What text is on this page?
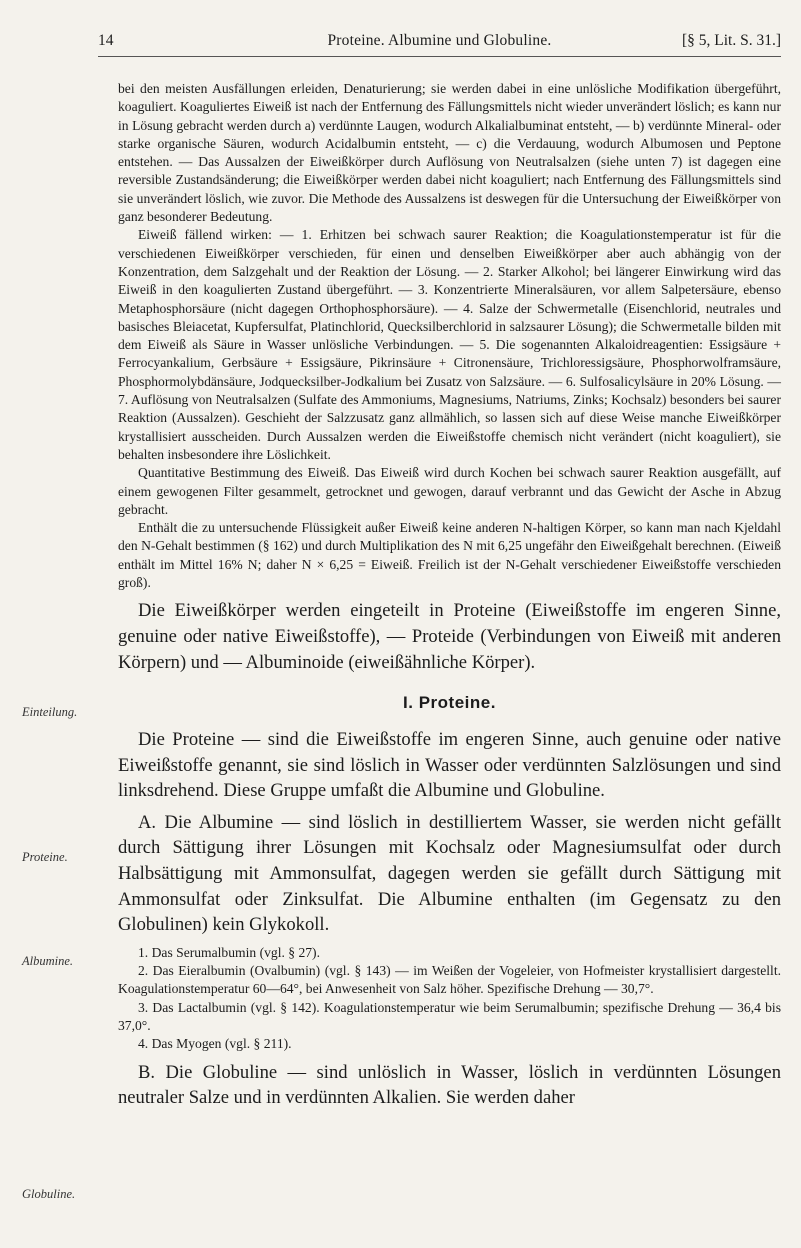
14	Proteine. Albumine und Globuline.	[§ 5, Lit. S. 31.]
Einteilung.
Proteine.
Albumine.
Globuline.

bei den meisten Ausfällungen erleiden, Denaturierung; sie werden dabei in eine unlösliche Modifikation übergeführt, koaguliert. Koaguliertes Eiweiß ist nach der Entfernung des Fällungsmittels nicht wieder unverändert löslich; es kann nur in Lösung gebracht werden durch a) verdünnte Laugen, wodurch Alkalialbuminat entsteht, — b) verdünnte Mineral- oder starke organische Säuren, wodurch Acidalbumin entsteht, — c) die Verdauung, wodurch Albumosen und Peptone entstehen. — Das Aussalzen der Eiweißkörper durch Auflösung von Neutralsalzen (siehe unten 7) ist dagegen eine reversible Zustandsänderung; die Eiweißkörper werden dabei nicht koaguliert; nach Entfernung des Fällungsmittels sind sie unverändert löslich, wie zuvor. Die Methode des Aussalzens ist deswegen für die Untersuchung der Eiweißkörper von ganz besonderer Bedeutung.

Eiweiß fällend wirken: — 1. Erhitzen bei schwach saurer Reaktion; die Koagulationstemperatur ist für die verschiedenen Eiweißkörper verschieden, für einen und denselben Eiweißkörper aber auch abhängig von der Konzentration, dem Salzgehalt und der Reaktion der Lösung. — 2. Starker Alkohol; bei längerer Einwirkung wird das Eiweiß in den koagulierten Zustand übergeführt. — 3. Konzentrierte Mineralsäuren, vor allem Salpetersäure, ebenso Metaphosphorsäure (nicht dagegen Orthophosphorsäure). — 4. Salze der Schwermetalle (Eisenchlorid, neutrales und basisches Bleiacetat, Kupfersulfat, Platinchlorid, Quecksilberchlorid in salzsaurer Lösung); die Schwermetalle bilden mit dem Eiweiß als Säure in Wasser unlösliche Verbindungen. — 5. Die sogenannten Alkaloidreagentien: Essigsäure + Ferrocyankalium, Gerbsäure + Essigsäure, Pikrinsäure + Citronensäure, Trichloressigsäure, Phosphorwolframsäure, Phosphormolybdänsäure, Jodquecksilber-Jodkalium bei Zusatz von Salzsäure. — 6. Sulfosalicylsäure in 20% Lösung. — 7. Auflösung von Neutralsalzen (Sulfate des Ammoniums, Magnesiums, Natriums, Zinks; Kochsalz) besonders bei saurer Reaktion (Aussalzen). Geschieht der Salzzusatz ganz allmählich, so lassen sich auf diese Weise manche Eiweißkörper krystallisiert ausscheiden. Durch Aussalzen werden die Eiweißstoffe chemisch nicht verändert (nicht koaguliert), sie behalten insbesondere ihre Löslichkeit.

Quantitative Bestimmung des Eiweiß. Das Eiweiß wird durch Kochen bei schwach saurer Reaktion ausgefällt, auf einem gewogenen Filter gesammelt, getrocknet und gewogen, darauf verbrannt und das Gewicht der Asche in Abzug gebracht.

Enthält die zu untersuchende Flüssigkeit außer Eiweiß keine anderen N-haltigen Körper, so kann man nach Kjeldahl den N-Gehalt bestimmen (§ 162) und durch Multiplikation des N mit 6,25 ungefähr den Eiweißgehalt berechnen. (Eiweiß enthält im Mittel 16% N; daher N × 6,25 = Eiweiß. Freilich ist der N-Gehalt verschiedener Eiweißstoffe verschieden groß).

Die Eiweißkörper werden eingeteilt in Proteine (Eiweißstoffe im engeren Sinne, genuine oder native Eiweißstoffe), — Proteide (Verbindungen von Eiweiß mit anderen Körpern) und — Albuminoide (eiweißähnliche Körper).

I. Proteine.

Die Proteine — sind die Eiweißstoffe im engeren Sinne, auch genuine oder native Eiweißstoffe genannt, sie sind löslich in Wasser oder verdünnten Salzlösungen und sind linksdrehend. Diese Gruppe umfaßt die Albumine und Globuline.

A. Die Albumine — sind löslich in destilliertem Wasser, sie werden nicht gefällt durch Sättigung ihrer Lösungen mit Kochsalz oder Magnesiumsulfat oder durch Halbsättigung mit Ammonsulfat, dagegen werden sie gefällt durch Sättigung mit Ammonsulfat oder Zinksulfat. Die Albumine enthalten (im Gegensatz zu den Globulinen) kein Glykokoll.

1. Das Serumalbumin (vgl. § 27).

2. Das Eieralbumin (Ovalbumin) (vgl. § 143) — im Weißen der Vogeleier, von Hofmeister krystallisiert dargestellt. Koagulationstemperatur 60—64°, bei Anwesenheit von Salz höher. Spezifische Drehung — 30,7°.

3. Das Lactalbumin (vgl. § 142). Koagulationstemperatur wie beim Serumalbumin; spezifische Drehung — 36,4 bis 37,0°.

4. Das Myogen (vgl. § 211).

B. Die Globuline — sind unlöslich in Wasser, löslich in verdünnten Lösungen neutraler Salze und in verdünnten Alkalien. Sie werden daher
